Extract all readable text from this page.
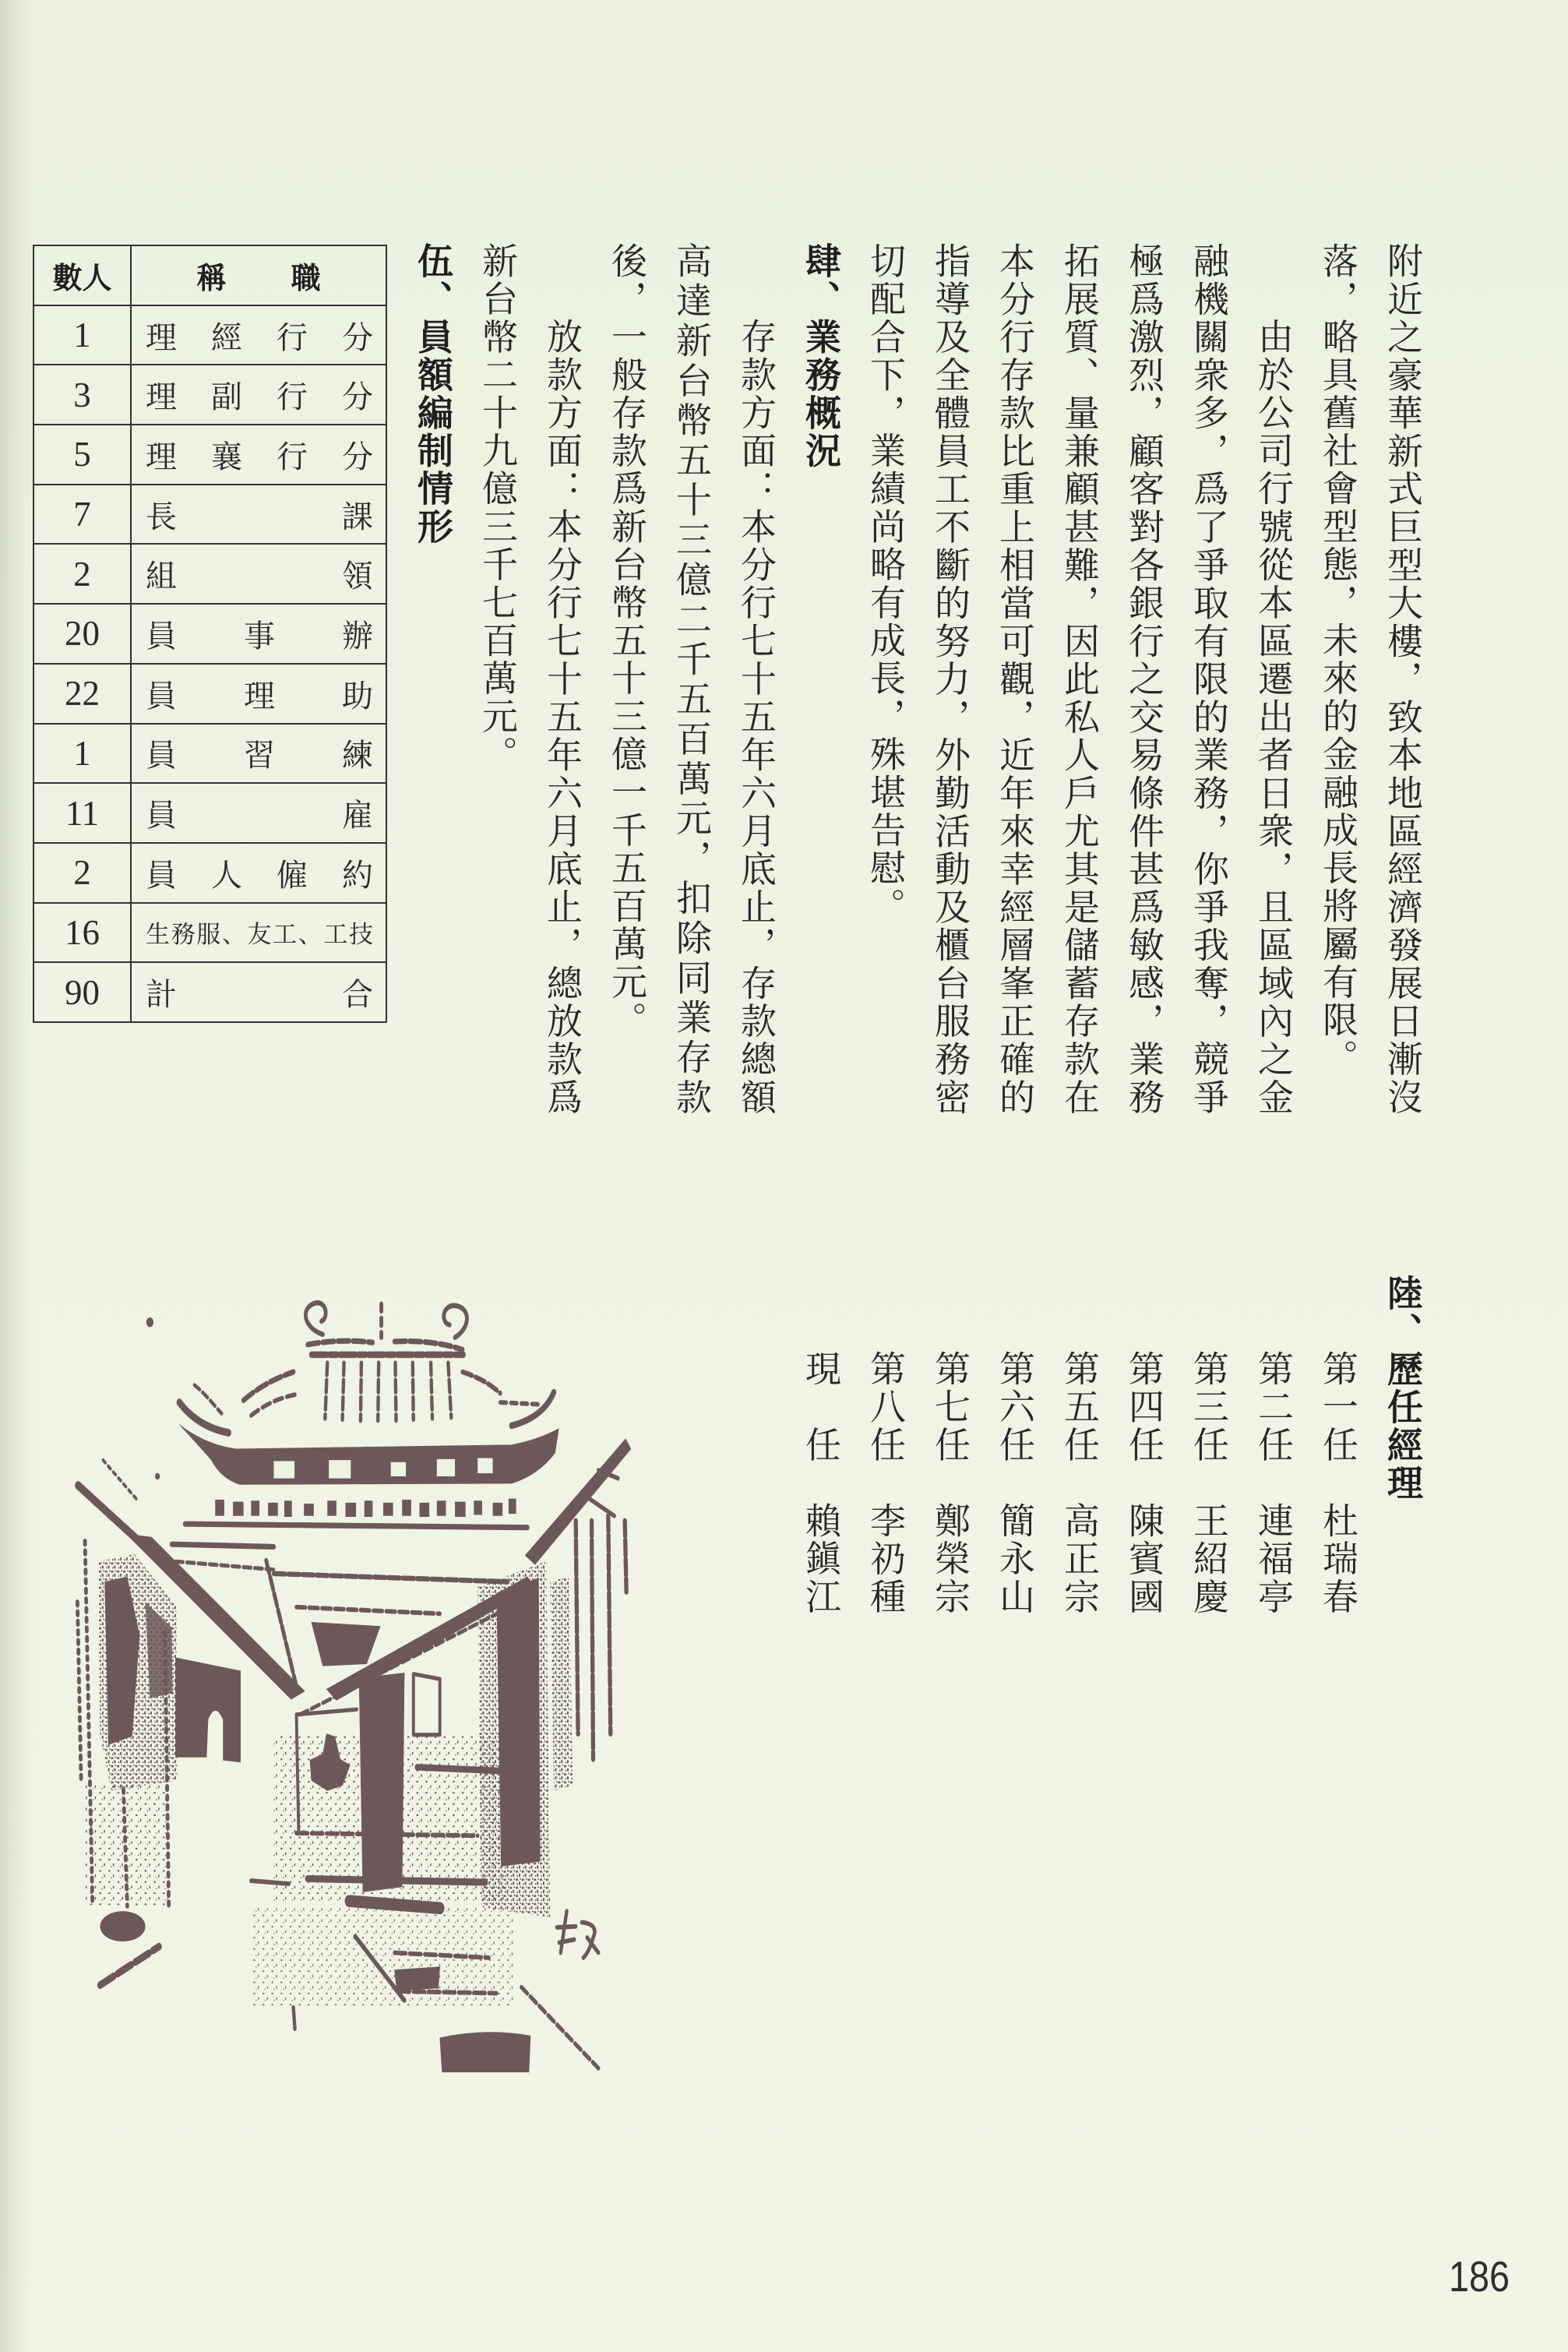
附近之豪華新式巨型大樓，致本地區經濟發展日漸沒
落，略具舊社會型態，未來的金融成長將屬有限。
由於公司行號從本區遷出者日衆，且區域內之金
融機關衆多，爲了爭取有限的業務，你爭我奪，競爭
極爲激烈，顧客對各銀行之交易條件甚爲敏感，業務
拓展質、量兼顧甚難，因此私人戶尤其是儲蓄存款在
本分行存款比重上相當可觀，近年來幸經層峯正確的
指導及全體員工不斷的努力，外勤活動及櫃台服務密
切配合下，業績尚略有成長，殊堪告慰。
肆、業務概況
存款方面：本分行七十五年六月底止，存款總額
高達新台幣五十三億二千五百萬元，扣除同業存款
後，一般存款爲新台幣五十三億一千五百萬元。
放款方面：本分行七十五年六月底止，總放款爲
新台幣二十九億三千七百萬元。
伍、員額編制情形
數人	稱 職
1	理 經 行 分
3	理 副 行 分
5	理 襄 行 分
7	長 課
2	組 領
20	員 事 辦
22	員 理 助
1	員 習 練
11	員 雇
2	員 人 僱 約
16	生務服、友工、工技
90	計 合
陸、歷任經理
第一任杜瑞春
第二任連福亭
第三任王紹慶
第四任陳賓國
第五任高正宗
第六任簡永山
第七任鄭榮宗
第八任李礽種
現任賴鎭江
186
